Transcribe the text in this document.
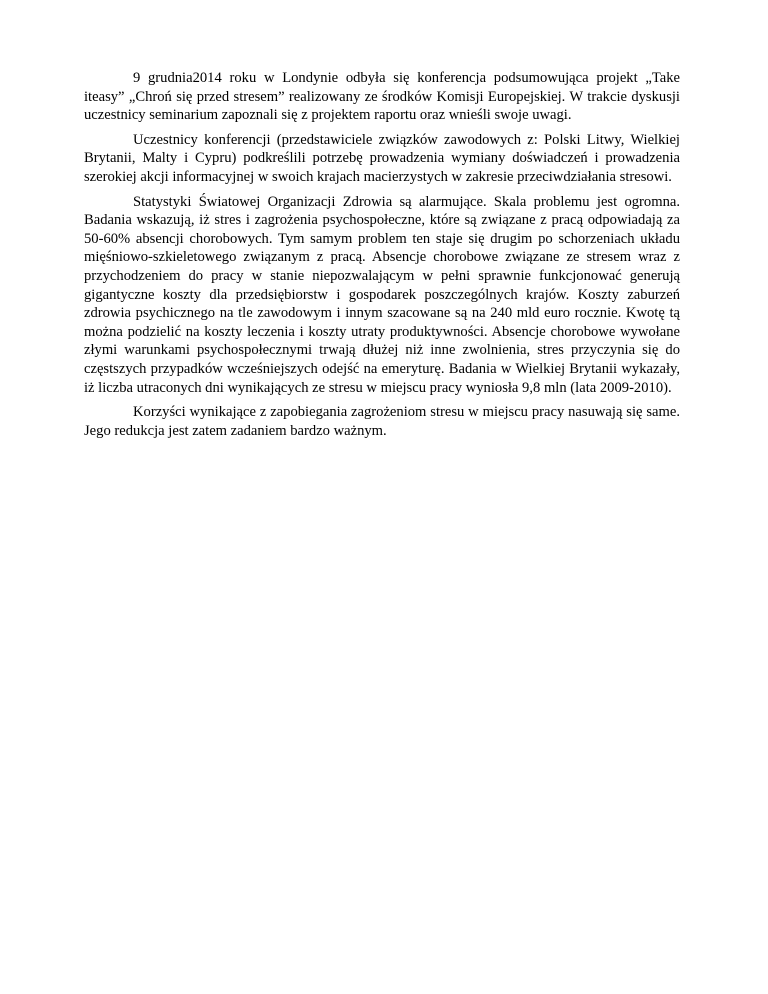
9 grudnia2014 roku w Londynie odbyła się konferencja podsumowująca projekt „Take iteasy” „Chroń się przed stresem” realizowany ze środków Komisji Europejskiej. W trakcie dyskusji uczestnicy seminarium zapoznali się z projektem raportu oraz wnieśli swoje uwagi.

Uczestnicy konferencji (przedstawiciele związków zawodowych z: Polski Litwy, Wielkiej Brytanii, Malty i Cypru) podkreślili potrzebę prowadzenia wymiany doświadczeń i prowadzenia szerokiej akcji informacyjnej w swoich krajach macierzystych w zakresie przeciwdziałania stresowi.

Statystyki Światowej Organizacji Zdrowia są alarmujące. Skala problemu jest ogromna. Badania wskazują, iż stres i zagrożenia psychospołeczne, które są związane z pracą odpowiadają za 50-60% absencji chorobowych. Tym samym problem ten staje się drugim po schorzeniach układu mięśniowo-szkieletowego związanym z pracą. Absencje chorobowe związane ze stresem wraz z przychodzeniem do pracy w stanie niepozwalającym w pełni sprawnie funkcjonować generują gigantyczne koszty dla przedsiębiorstw i gospodarek poszczególnych krajów. Koszty zaburzeń zdrowia psychicznego na tle zawodowym i innym szacowane są na 240 mld euro rocznie. Kwotę tą można podzielić na koszty leczenia i koszty utraty produktywności. Absencje chorobowe wywołane złymi warunkami psychospołecznymi trwają dłużej niż inne zwolnienia, stres przyczynia się do częstszych przypadków wcześniejszych odejść na emeryturę. Badania w Wielkiej Brytanii wykazały, iż liczba utraconych dni wynikających ze stresu w miejscu pracy wyniosła 9,8 mln (lata 2009-2010).

Korzyści wynikające z zapobiegania zagrożeniom stresu w miejscu pracy nasuwają się same. Jego redukcja jest zatem zadaniem bardzo ważnym.
